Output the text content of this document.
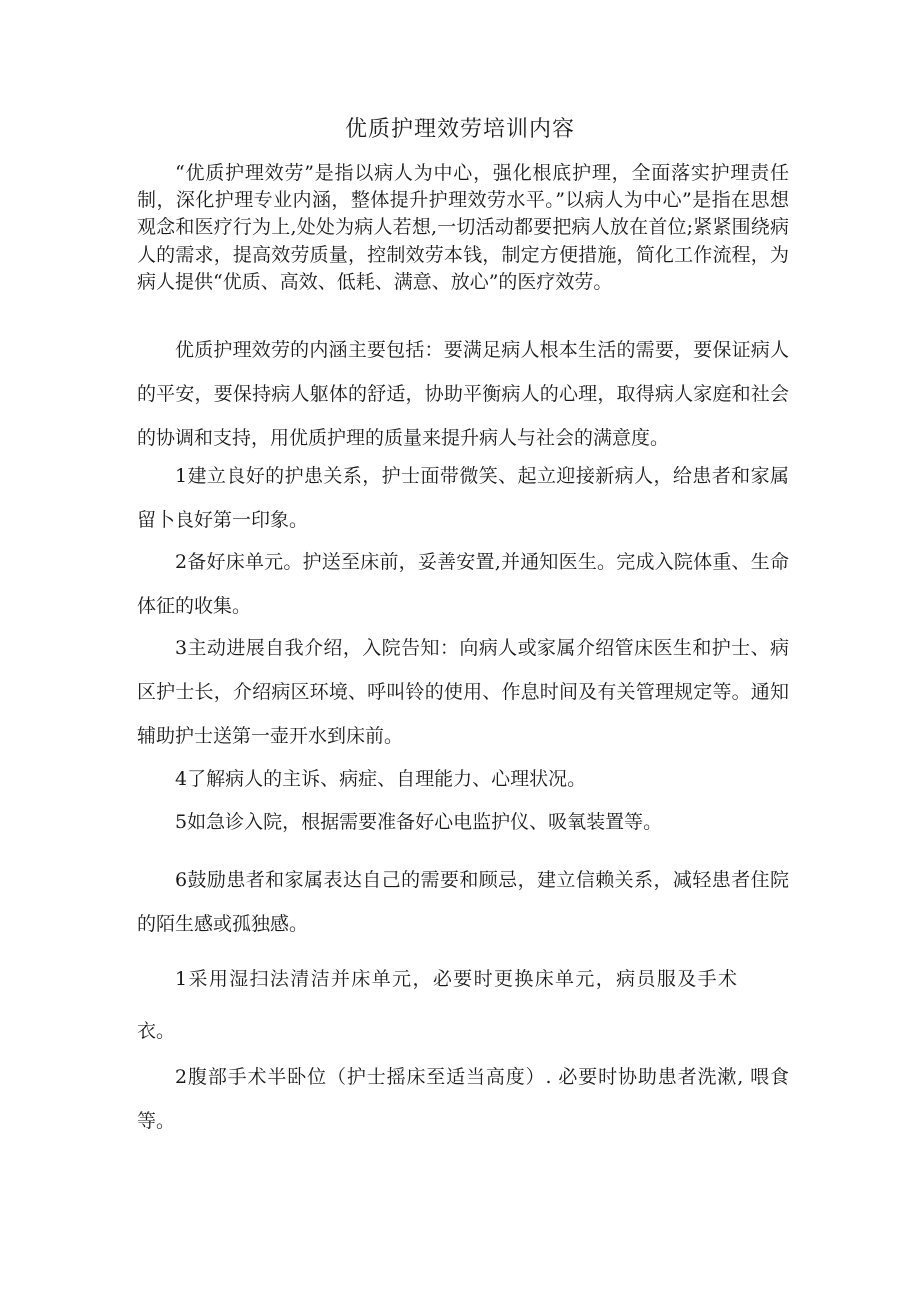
优质护理效劳培训内容

“优质护理效劳”是指以病人为中心，强化根底护理，全面落实护理责任制，深化护理专业内涵，整体提升护理效劳水平。”以病人为中心”是指在思想观念和医疗行为上,处处为病人若想,一切活动都要把病人放在首位;紧紧围绕病人的需求，提高效劳质量，控制效劳本钱，制定方便措施，简化工作流程，为病人提供“优质、高效、低耗、满意、放心”的医疗效劳。

优质护理效劳的内涵主要包括：要满足病人根本生活的需要，要保证病人的平安，要保持病人躯体的舒适，协助平衡病人的心理，取得病人家庭和社会的协调和支持，用优质护理的质量来提升病人与社会的满意度。

1建立良好的护患关系，护士面带微笑、起立迎接新病人，给患者和家属留卜良好第一印象。

2备好床单元。护送至床前，妥善安置,并通知医生。完成入院体重、生命体征的收集。

3主动进展自我介绍，入院告知：向病人或家属介绍管床医生和护士、病区护士长，介绍病区环境、呼叫铃的使用、作息时间及有关管理规定等。通知辅助护士送第一壶开水到床前。

4了解病人的主诉、病症、自理能力、心理状况。

5如急诊入院，根据需要准备好心电监护仪、吸氧装置等。

6鼓励患者和家属表达自己的需要和顾忌，建立信赖关系，减轻患者住院的陌生感或孤独感。

1采用湿扫法清洁并床单元，必要时更换床单元，病员服及手术衣。

2腹部手术半卧位（护士摇床至适当高度）. 必要时协助患者洗漱, 喂食等。
